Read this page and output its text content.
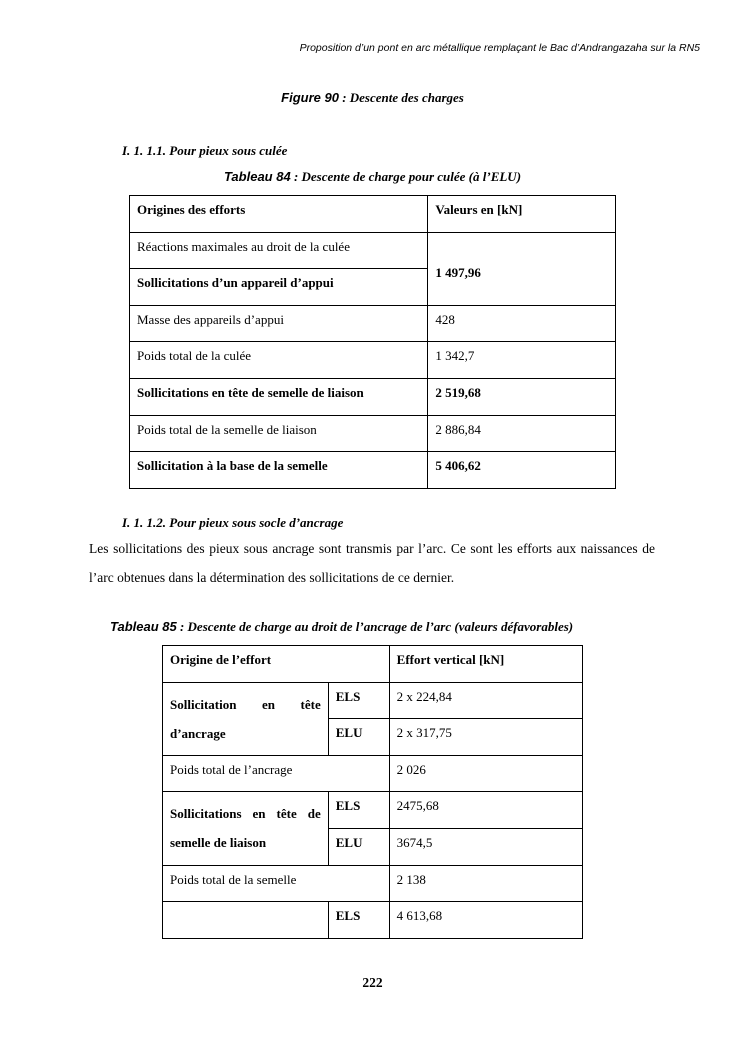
Proposition d’un pont en arc métallique remplaçant le Bac d’Andrangazaha sur la RN5
Figure 90 : Descente des charges
I. 1. 1.1. Pour pieux sous culée
Tableau 84 : Descente de charge pour culée (à l’ELU)
Origines des efforts	Valeurs en [kN]
Réactions maximales au droit de la culée	1 497,96
Sollicitations d’un appareil d’appui	
Masse des appareils d’appui	428
Poids total de la culée	1 342,7
Sollicitations en tête de semelle de liaison	2 519,68
Poids total de la semelle de liaison	2 886,84
Sollicitation à la base de la semelle	5 406,62
I. 1. 1.2. Pour pieux sous socle d’ancrage
Les sollicitations des pieux sous ancrage sont transmis par l’arc. Ce sont les efforts aux naissances de l’arc obtenues dans la détermination des sollicitations de ce dernier.
Tableau 85 : Descente de charge au droit de l’ancrage de l’arc (valeurs défavorables)
Origine de l’effort		Effort vertical [kN]

Sollicitation en tête
d’ancrage	ELS	2 x 224,84
	ELU	2 x 317,75
Poids total de l’ancrage		2 026

Sollicitations en tête de
semelle de liaison	ELS	2475,68
	ELU	3674,5
Poids total de la semelle		2 138
	ELS	4 613,68
222
